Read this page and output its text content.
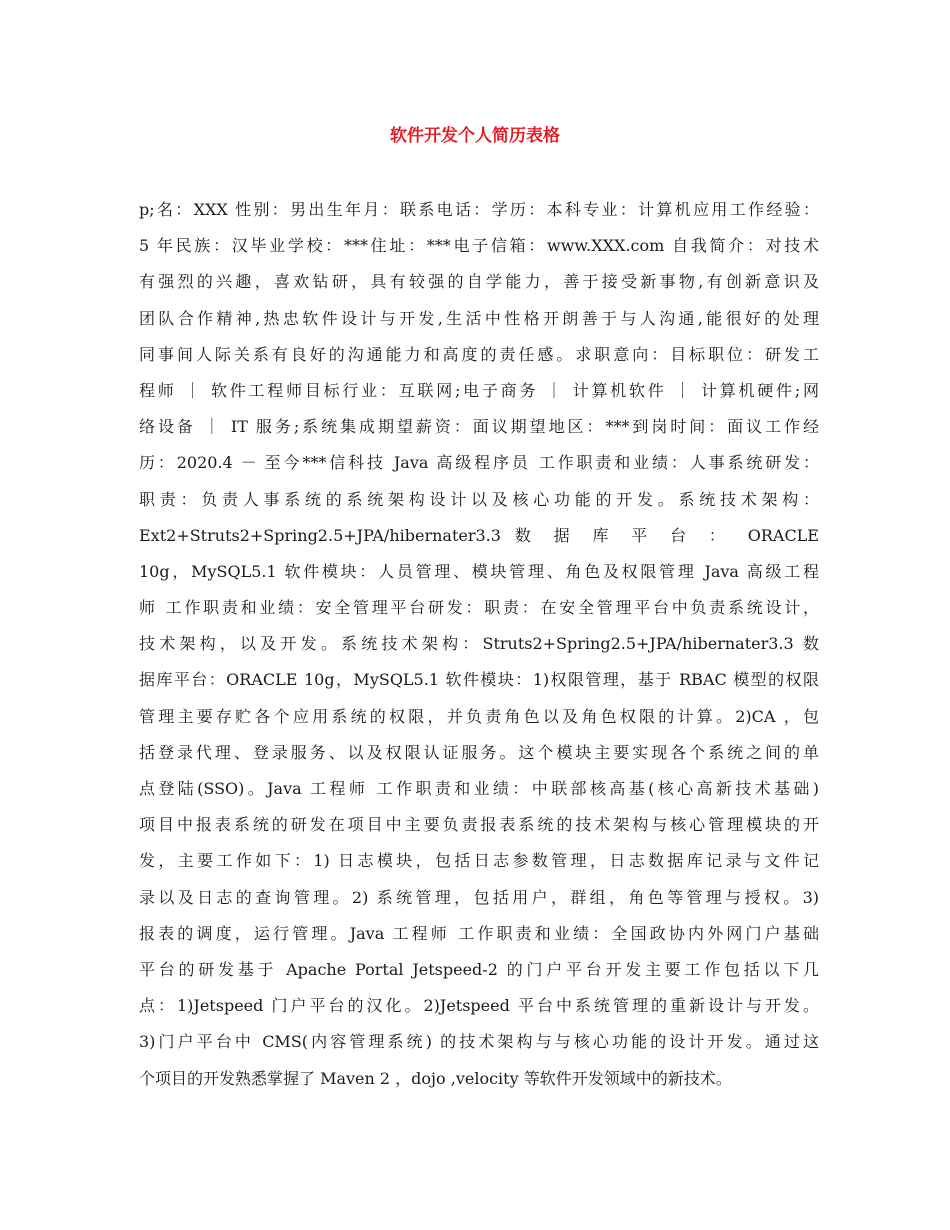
软件开发个人简历表格
p;名：XXX 性别：男出生年月：联系电话：学历：本科专业：计算机应用工作经验：
5 年民族：汉毕业学校：***住址：***电子信箱：www.XXX.com 自我简介：对技术
有强烈的兴趣，喜欢钻研，具有较强的自学能力，善于接受新事物,有创新意识及
团队合作精神,热忠软件设计与开发,生活中性格开朗善于与人沟通,能很好的处理
同事间人际关系有良好的沟通能力和高度的责任感。求职意向：目标职位：研发工
程师 ｜ 软件工程师目标行业：互联网;电子商务 ｜ 计算机软件 ｜ 计算机硬件;网
络设备 ｜ IT 服务;系统集成期望薪资：面议期望地区：***到岗时间：面议工作经
历：2020.4 － 至今***信科技 Java 高级程序员 工作职责和业绩：人事系统研发：
职责：负责人事系统的系统架构设计以及核心功能的开发。系统技术架构：
Ext2+Struts2+Spring2.5+JPA/hibernater3.3 数 据 库 平 台 ： ORACLE
10g，MySQL5.1 软件模块：人员管理、模块管理、角色及权限管理 Java 高级工程
师 工作职责和业绩：安全管理平台研发：职责：在安全管理平台中负责系统设计，
技术架构，以及开发。系统技术架构：Struts2+Spring2.5+JPA/hibernater3.3 数
据库平台：ORACLE 10g，MySQL5.1 软件模块：1)权限管理，基于 RBAC 模型的权限
管理主要存贮各个应用系统的权限，并负责角色以及角色权限的计算。2)CA ，包
括登录代理、登录服务、以及权限认证服务。这个模块主要实现各个系统之间的单
点登陆(SSO)。Java 工程师 工作职责和业绩：中联部核高基(核心高新技术基础)
项目中报表系统的研发在项目中主要负责报表系统的技术架构与核心管理模块的开
发，主要工作如下：1) 日志模块，包括日志参数管理，日志数据库记录与文件记
录以及日志的查询管理。2) 系统管理，包括用户，群组，角色等管理与授权。3)
报表的调度，运行管理。Java 工程师 工作职责和业绩：全国政协内外网门户基础
平台的研发基于 Apache Portal Jetspeed-2 的门户平台开发主要工作包括以下几
点：1)Jetspeed 门户平台的汉化。2)Jetspeed 平台中系统管理的重新设计与开发。
3)门户平台中 CMS(内容管理系统) 的技术架构与与核心功能的设计开发。通过这
个项目的开发熟悉掌握了 Maven 2 ，dojo ,velocity 等软件开发领域中的新技术。
